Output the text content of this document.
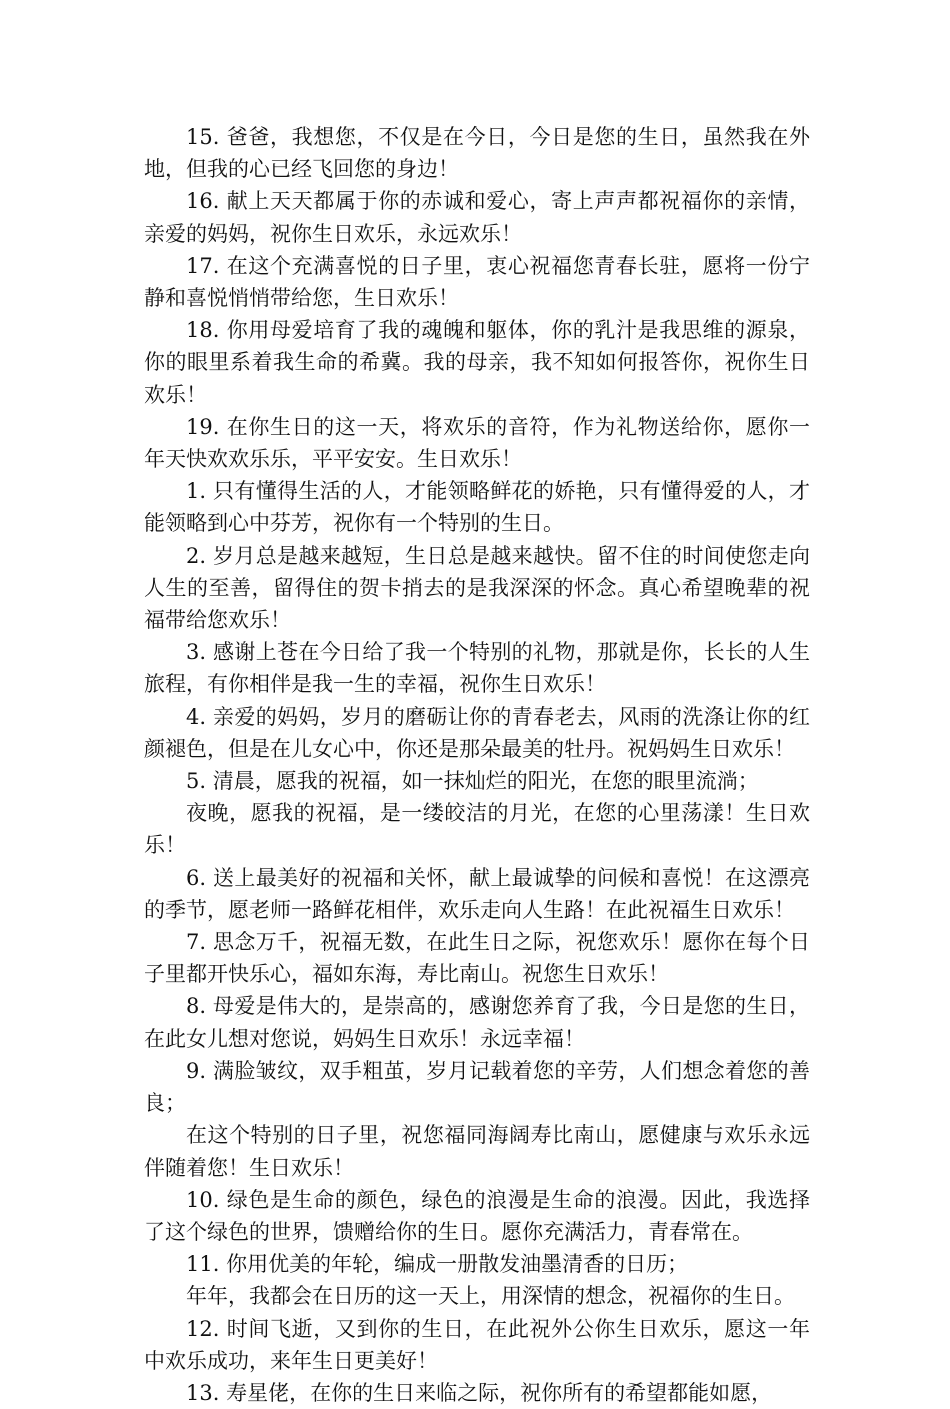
15. 爸爸，我想您，不仅是在今日，今日是您的生日，虽然我在外地，但我的心已经飞回您的身边！

16. 献上天天都属于你的赤诚和爱心，寄上声声都祝福你的亲情，亲爱的妈妈，祝你生日欢乐，永远欢乐！

17. 在这个充满喜悦的日子里，衷心祝福您青春长驻，愿将一份宁静和喜悦悄悄带给您，生日欢乐！

18. 你用母爱培育了我的魂魄和躯体，你的乳汁是我思维的源泉，你的眼里系着我生命的希冀。我的母亲，我不知如何报答你，祝你生日欢乐！

19. 在你生日的这一天，将欢乐的音符，作为礼物送给你，愿你一年天快欢欢乐乐，平平安安。生日欢乐！

1. 只有懂得生活的人，才能领略鲜花的娇艳，只有懂得爱的人，才能领略到心中芬芳，祝你有一个特别的生日。

2. 岁月总是越来越短，生日总是越来越快。留不住的时间使您走向人生的至善，留得住的贺卡捎去的是我深深的怀念。真心希望晚辈的祝福带给您欢乐！

3. 感谢上苍在今日给了我一个特别的礼物，那就是你，长长的人生旅程，有你相伴是我一生的幸福，祝你生日欢乐！

4. 亲爱的妈妈，岁月的磨砺让你的青春老去，风雨的洗涤让你的红颜褪色，但是在儿女心中，你还是那朵最美的牡丹。祝妈妈生日欢乐！

5. 清晨，愿我的祝福，如一抹灿烂的阳光，在您的眼里流淌；

夜晚，愿我的祝福，是一缕皎洁的月光，在您的心里荡漾！生日欢乐！

6. 送上最美好的祝福和关怀，献上最诚挚的问候和喜悦！在这漂亮的季节，愿老师一路鲜花相伴，欢乐走向人生路！在此祝福生日欢乐！

7. 思念万千，祝福无数，在此生日之际，祝您欢乐！愿你在每个日子里都开快乐心，福如东海，寿比南山。祝您生日欢乐！

8. 母爱是伟大的，是崇高的，感谢您养育了我，今日是您的生日，在此女儿想对您说，妈妈生日欢乐！永远幸福！

9. 满脸皱纹，双手粗茧，岁月记载着您的辛劳，人们想念着您的善良；

在这个特别的日子里，祝您福同海阔寿比南山，愿健康与欢乐永远伴随着您！生日欢乐！

10. 绿色是生命的颜色，绿色的浪漫是生命的浪漫。因此，我选择了这个绿色的世界，馈赠给你的生日。愿你充满活力，青春常在。

11. 你用优美的年轮，编成一册散发油墨清香的日历；

年年，我都会在日历的这一天上，用深情的想念，祝福你的生日。

12. 时间飞逝，又到你的生日，在此祝外公你生日欢乐，愿这一年中欢乐成功，来年生日更美好！

13. 寿星佬，在你的生日来临之际，祝你所有的希望都能如愿，
